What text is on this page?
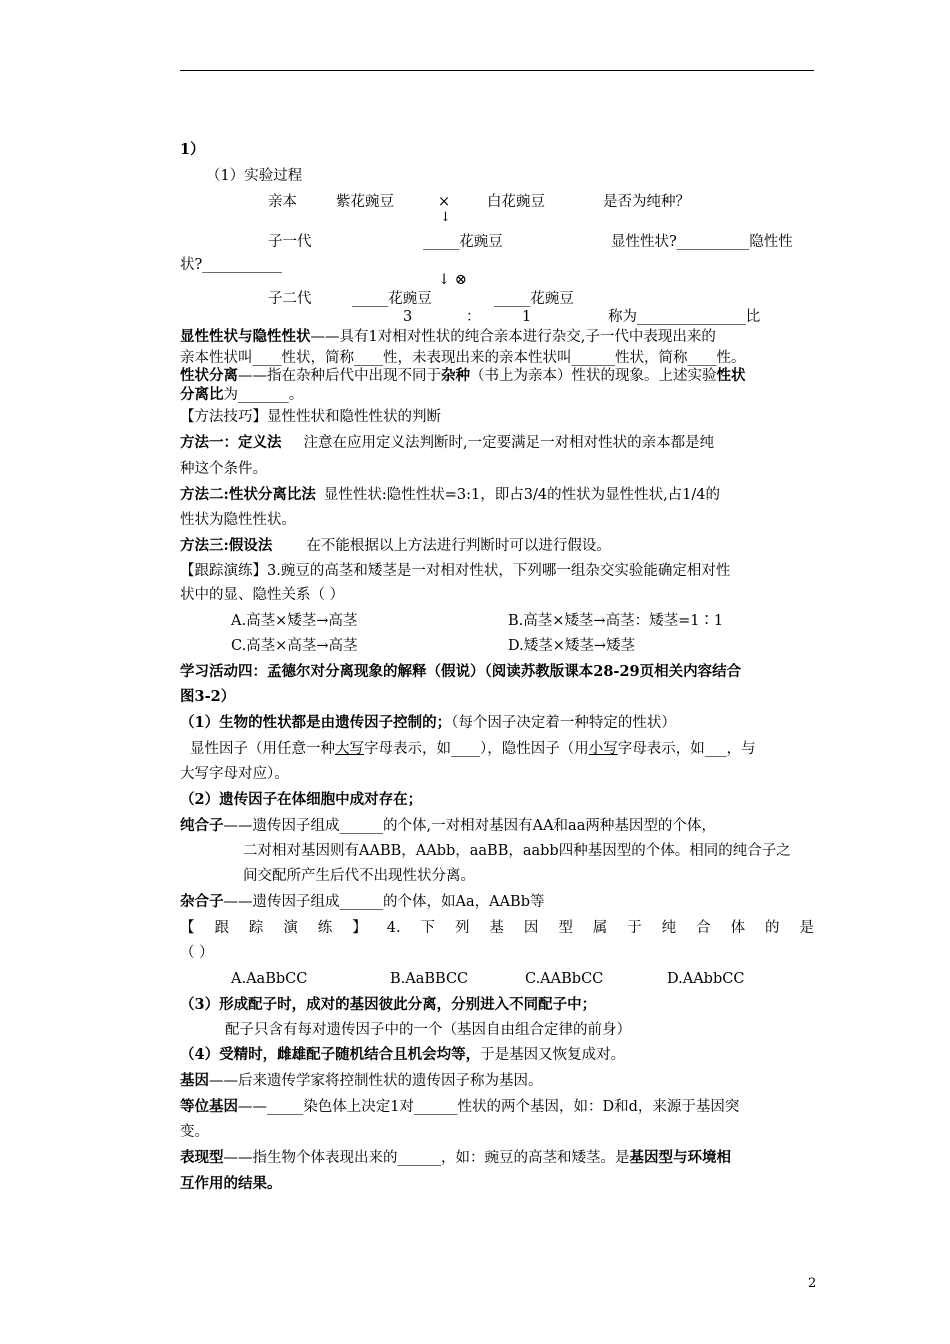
1）
（1）实验过程
亲本	紫花豌豆	×	白花豌豆	是否为纯种？
↓
子一代	_____花豌豆	显性性状?__________隐性性
状?___________
↓ ⊗
子二代	_____花豌豆	_____花豌豆
3	：	1	称为_______________比
显性性状与隐性性状——具有1对相对性状的纯合亲本进行杂交,子一代中表现出来的
亲本性状叫____性状，简称____性，未表现出来的亲本性状叫______性状，简称____性。
性状分离——指在杂种后代中出现不同于杂种（书上为亲本）性状的现象。上述实验性状
分离比为_______。
【方法技巧】显性性状和隐性性状的判断
方法一：定义法 注意在应用定义法判断时,一定要满足一对相对性状的亲本都是纯
种这个条件。
方法二:性状分离比法 显性性状:隐性性状=3:1，即占3/4的性状为显性性状,占1/4的
性状为隐性性状。
方法三:假设法 在不能根据以上方法进行判断时可以进行假设。
【跟踪演练】3.豌豆的高茎和矮茎是一对相对性状，下列哪一组杂交实验能确定相对性
状中的显、隐性关系（ ）
A.高茎×矮茎→高茎	B.高茎×矮茎→高茎：矮茎=1∶1
C.高茎×高茎→高茎	D.矮茎×矮茎→矮茎
学习活动四：孟德尔对分离现象的解释（假说）（阅读苏教版课本28-29页相关内容结合
图3-2）
（1）生物的性状都是由遗传因子控制的；（每个因子决定着一种特定的性状）
显性因子（用任意一种大写字母表示，如____），隐性因子（用小写字母表示，如___，与
大写字母对应）。
（2）遗传因子在体细胞中成对存在；
纯合子——遗传因子组成______的个体,一对相对基因有AA和aa两种基因型的个体，
二对相对基因则有AABB，AAbb，aaBB，aabb四种基因型的个体。相同的纯合子之
间交配所产生后代不出现性状分离。
杂合子——遗传因子组成______的个体，如Aa，AABb等
【跟踪演练】4.下列基因型属于纯合体的是
（ ）
A.AaBbCC	B.AaBBCC	C.AABbCC	D.AAbbCC
（3）形成配子时，成对的基因彼此分离，分别进入不同配子中；
配子只含有每对遗传因子中的一个（基因自由组合定律的前身）
（4）受精时，雌雄配子随机结合且机会均等，于是基因又恢复成对。
基因——后来遗传学家将控制性状的遗传因子称为基因。
等位基因——_____染色体上决定1对______性状的两个基因，如：D和d，来源于基因突
变。
表现型——指生物个体表现出来的______，如：豌豆的高茎和矮茎。是基因型与环境相
互作用的结果。
2
